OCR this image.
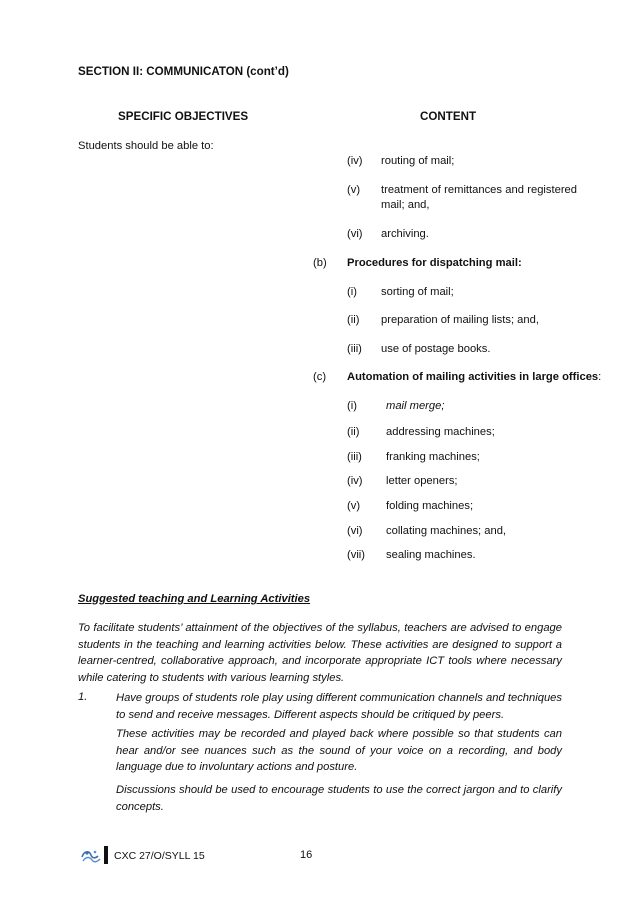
SECTION II: COMMUNICATON (cont’d)
SPECIFIC OBJECTIVES	CONTENT
Students should be able to:
(iv) routing of mail;
(v) treatment of remittances and registered
mail; and,
(vi) archiving.
(b) Procedures for dispatching mail:
(i) sorting of mail;
(ii) preparation of mailing lists; and,
(iii) use of postage books.
(c) Automation of mailing activities in large offices:
(i)	mail merge;
(ii) addressing machines;
(iii) franking machines;
(iv) letter openers;
(v) folding machines;
(vi) collating machines; and,
(vii) sealing machines.
Suggested teaching and Learning Activities
To facilitate students’ attainment of the objectives of the syllabus, teachers are advised to engage students in the teaching and learning activities below. These activities are designed to support a learner-centred, collaborative approach, and incorporate appropriate ICT tools where necessary while catering to students with various learning styles.
1.	Have groups of students role play using different communication channels and techniques to send and receive messages. Different aspects should be critiqued by peers.
These activities may be recorded and played back where possible so that students can hear and/or see nuances such as the sound of your voice on a recording, and body language due to involuntary actions and posture.
Discussions should be used to encourage students to use the correct jargon and to clarify concepts.
CXC 27/O/SYLL 15	16
